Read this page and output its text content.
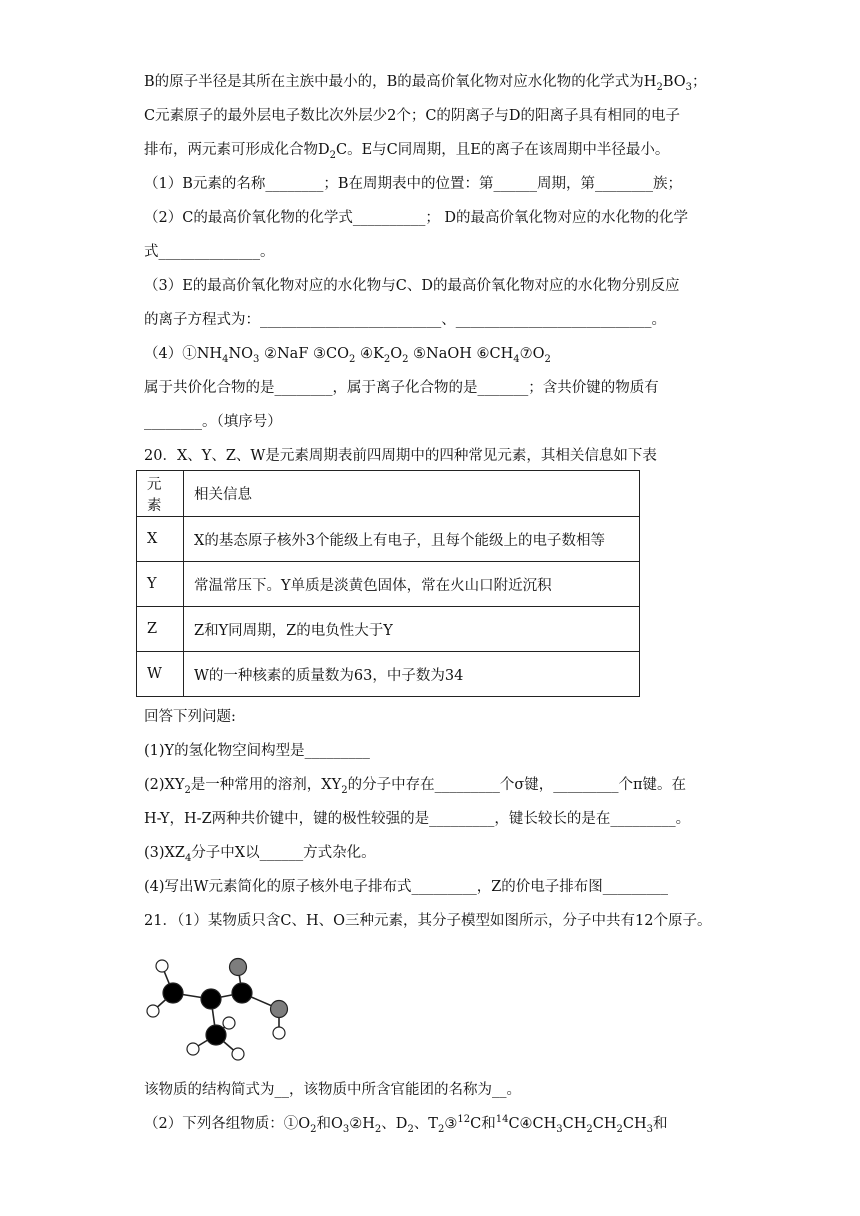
B的原子半径是其所在主族中最小的，B的最高价氧化物对应水化物的化学式为$H_2BO_3$；
C元素原子的最外层电子数比次外层少2个；C的阴离子与D的阳离子具有相同的电子
排布，两元素可形成化合物$D_2C$。E与C同周期，且E的离子在该周期中半径最小。
（1）B元素的名称________；B在周期表中的位置：第______周期，第________族；
（2）C的最高价氧化物的化学式__________； D的最高价氧化物对应的水化物的化学
式______________。
（3）E的最高价氧化物对应的水化物与C、D的最高价氧化物对应的水化物分别反应
的离子方程式为：_________________________、___________________________。
$(4)①NH_4NO_3$ ②NaF $③CO_2$ $④K_2O_2$ ⑤NaOH $⑥CH_4⑦O_2$
属于共价化合物的是________，属于离子化合物的是_______；含共价键的物质有
________。（填序号）
20．X、Y、Z、W是元素周期表前四周期中的四种常见元素，其相关信息如下表
元素	相关信息
X	X的基态原子核外3个能级上有电子，且每个能级上的电子数相等
Y	常温常压下。Y单质是淡黄色固体，常在火山口附近沉积
Z	Z和Y同周期，Z的电负性大于Y
W	W的一种核素的质量数为63，中子数为34
回答下列问题:
(1)Y的氢化物空间构型是_________
$(2)XY_2$是一种常用的溶剂，$XY_2$的分子中存在_________个σ键，_________个π键。在
H-Y，H-Z两种共价键中，键的极性较强的是_________，键长较长的是在_________。
$(3)XZ_4$分子中X以______方式杂化。
(4)写出W元素简化的原子核外电子排布式_________，Z的价电子排布图_________
21．（1）某物质只含C、H、O三种元素，其分子模型如图所示，分子中共有12个原子。
该物质的结构简式为__，该物质中所含官能团的名称为__。
（2）下列各组物质：$①O_2$和$O_3②H_2$、$D_2$、$T_2③^{12}C$和$^{14}C④CH_3CH_2CH_2CH_3$和
